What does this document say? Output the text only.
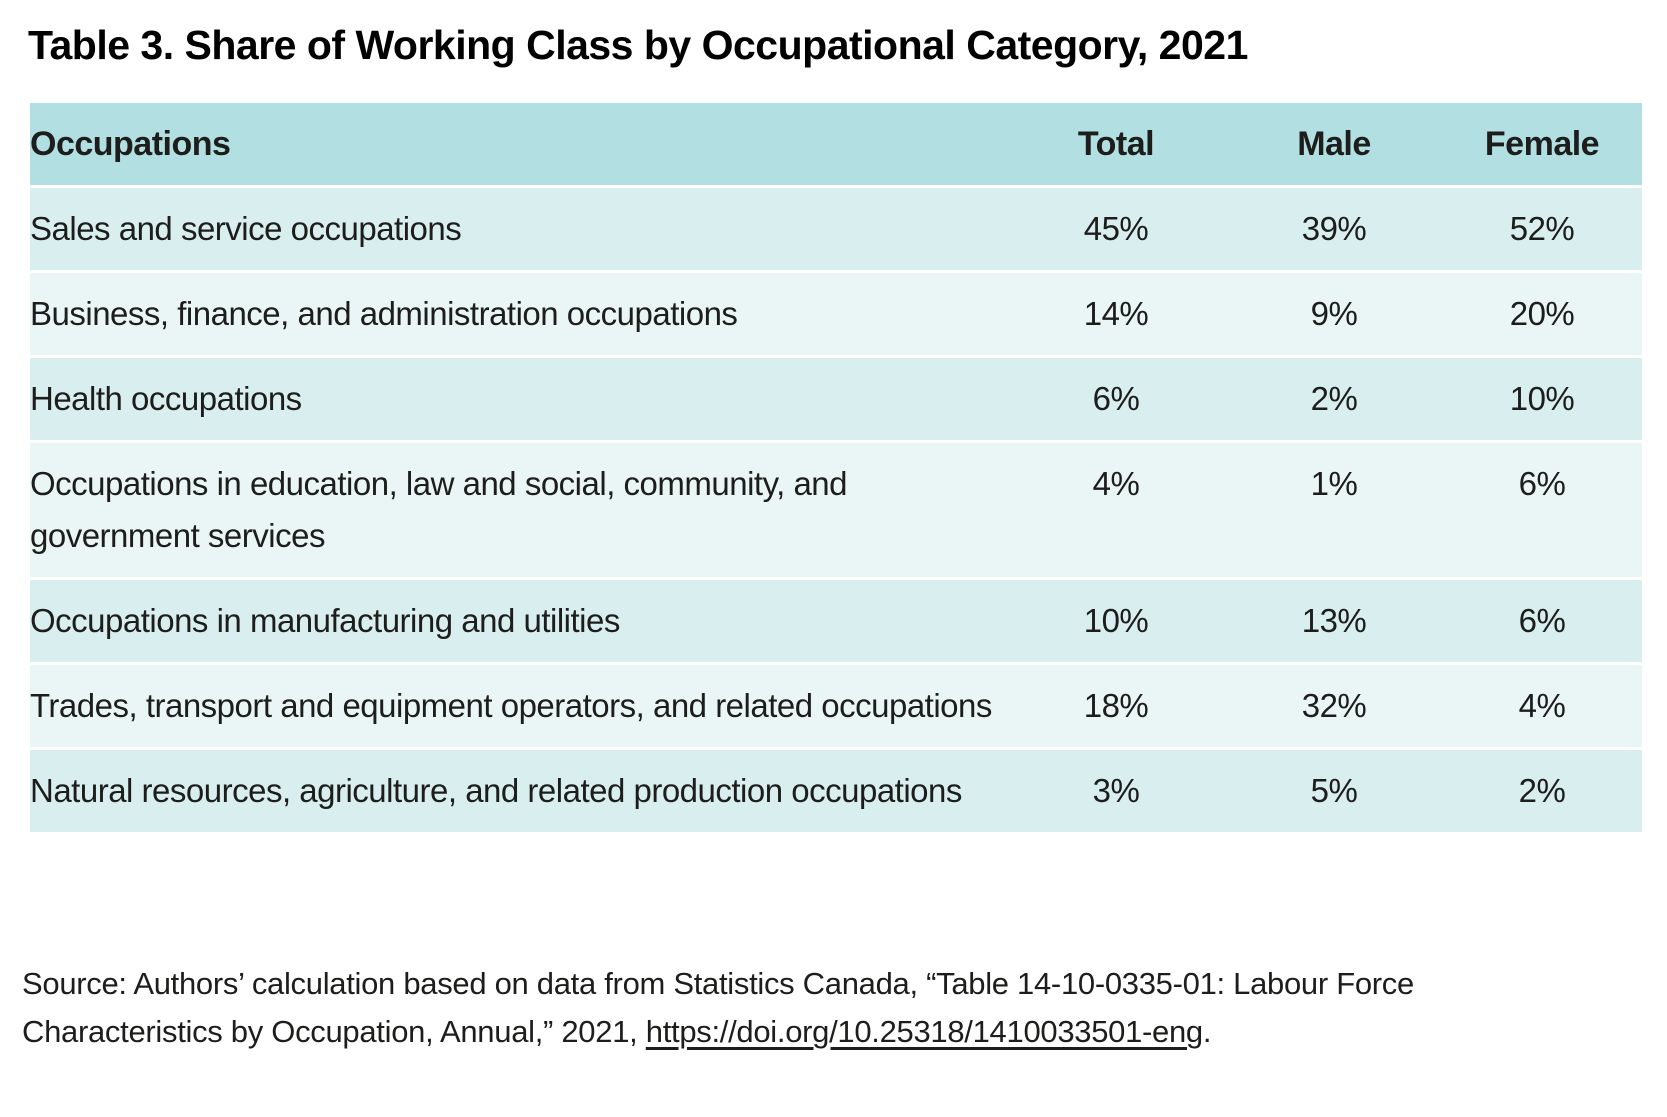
Table 3. Share of Working Class by Occupational Category, 2021
Occupations	Total	Male	Female
Sales and service occupations	45%	39%	52%
Business, finance, and administration occupations	14%	9%	20%
Health occupations	6%	2%	10%
Occupations in education, law and social, community, and government services	4%	1%	6%
Occupations in manufacturing and utilities	10%	13%	6%
Trades, transport and equipment operators, and related occupations	18%	32%	4%
Natural resources, agriculture, and related production occupations	3%	5%	2%

Source: Authors’ calculation based on data from Statistics Canada, “Table 14-10-0335-01: Labour Force
Characteristics by Occupation, Annual,” 2021, https://doi.org/10.25318/1410033501-eng.
